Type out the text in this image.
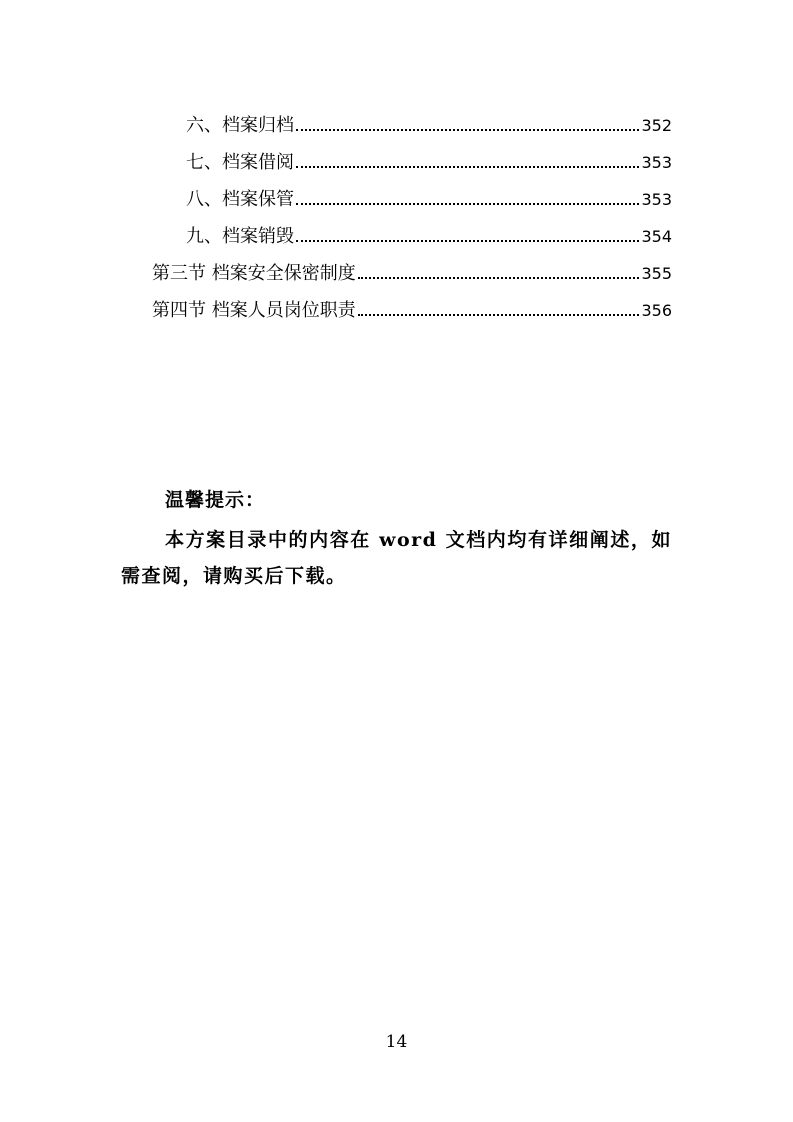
六、档案归档	352
七、档案借阅	353
八、档案保管	353
九、档案销毁	354
第三节 档案安全保密制度	355
第四节 档案人员岗位职责	356
温馨提示：
本方案目录中的内容在 word 文档内均有详细阐述，如需查阅，请购买后下载。
14
